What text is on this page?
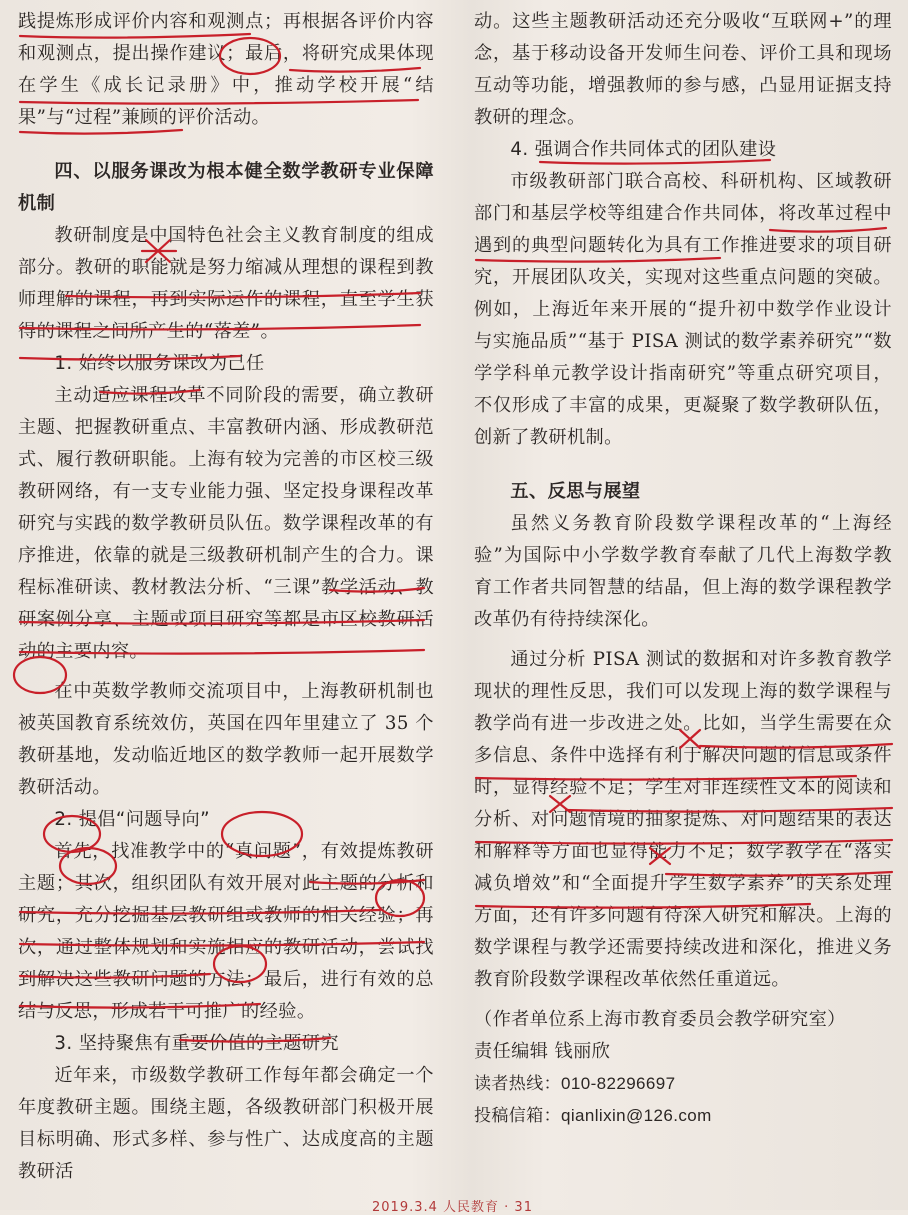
践提炼形成评价内容和观测点；再根据各评价内容和观测点，提出操作建议；最后，将研究成果体现在学生《成长记录册》中，推动学校开展“结果”与“过程”兼顾的评价活动。

四、以服务课改为根本健全数学教研专业保障机制

教研制度是中国特色社会主义教育制度的组成部分。教研的职能就是努力缩减从理想的课程到教师理解的课程，再到实际运作的课程，直至学生获得的课程之间所产生的“落差”。

1. 始终以服务课改为己任

主动适应课程改革不同阶段的需要，确立教研主题、把握教研重点、丰富教研内涵、形成教研范式、履行教研职能。上海有较为完善的市区校三级教研网络，有一支专业能力强、坚定投身课程改革研究与实践的数学教研员队伍。数学课程改革的有序推进，依靠的就是三级教研机制产生的合力。课程标准研读、教材教法分析、“三课”教学活动、教研案例分享、主题或项目研究等都是市区校教研活动的主要内容。

在中英数学教师交流项目中，上海教研机制也被英国教育系统效仿，英国在四年里建立了 35 个教研基地，发动临近地区的数学教师一起开展数学教研活动。

2. 提倡“问题导向”

首先，找准教学中的“真问题”，有效提炼教研主题；其次，组织团队有效开展对此主题的分析和研究，充分挖掘基层教研组或教师的相关经验；再次，通过整体规划和实施相应的教研活动，尝试找到解决这些教研问题的方法；最后，进行有效的总结与反思，形成若干可推广的经验。

3. 坚持聚焦有重要价值的主题研究

近年来，市级数学教研工作每年都会确定一个年度教研主题。围绕主题，各级教研部门积极开展目标明确、形式多样、参与性广、达成度高的主题教研活

动。这些主题教研活动还充分吸收“互联网+”的理念，基于移动设备开发师生问卷、评价工具和现场互动等功能，增强教师的参与感，凸显用证据支持教研的理念。

4. 强调合作共同体式的团队建设

市级教研部门联合高校、科研机构、区域教研部门和基层学校等组建合作共同体，将改革过程中遇到的典型问题转化为具有工作推进要求的项目研究，开展团队攻关，实现对这些重点问题的突破。例如，上海近年来开展的“提升初中数学作业设计与实施品质”“基于 PISA 测试的数学素养研究”“数学学科单元教学设计指南研究”等重点研究项目，不仅形成了丰富的成果，更凝聚了数学教研队伍，创新了教研机制。

五、反思与展望

虽然义务教育阶段数学课程改革的“上海经验”为国际中小学数学教育奉献了几代上海数学教育工作者共同智慧的结晶，但上海的数学课程教学改革仍有待持续深化。

通过分析 PISA 测试的数据和对许多教育教学现状的理性反思，我们可以发现上海的数学课程与教学尚有进一步改进之处。比如，当学生需要在众多信息、条件中选择有利于解决问题的信息或条件时，显得经验不足；学生对非连续性文本的阅读和分析、对问题情境的抽象提炼、对问题结果的表达和解释等方面也显得能力不足；数学教学在“落实减负增效”和“全面提升学生数学素养”的关系处理方面，还有许多问题有待深入研究和解决。上海的数学课程与教学还需要持续改进和深化，推进义务教育阶段数学课程改革依然任重道远。

（作者单位系上海市教育委员会教学研究室）

责任编辑 钱丽欣

读者热线：010-82296697

投稿信箱：qianlixin@126.com

2019.3.4 人民教育 · 31
